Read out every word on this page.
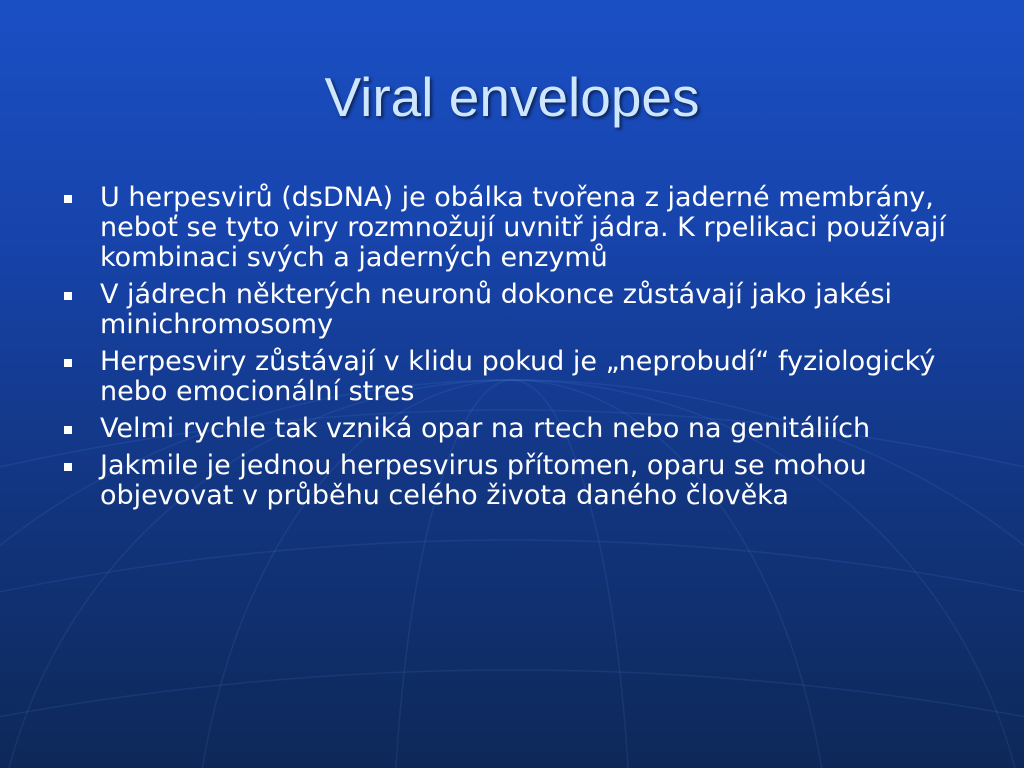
Viral envelopes
U herpesvirů (dsDNA) je obálka tvořena z jaderné membrány, neboť se tyto viry rozmnožují uvnitř jádra. K rpelikaci používají kombinaci svých a jaderných enzymů
V jádrech některých neuronů dokonce zůstávají jako jakési minichromosomy
Herpesviry zůstávají v klidu pokud je „neprobudí“ fyziologický nebo emocionální stres
Velmi rychle tak vzniká opar na rtech nebo na genitáliích
Jakmile je jednou herpesvirus přítomen, oparu se mohou objevovat v průběhu celého života daného člověka
